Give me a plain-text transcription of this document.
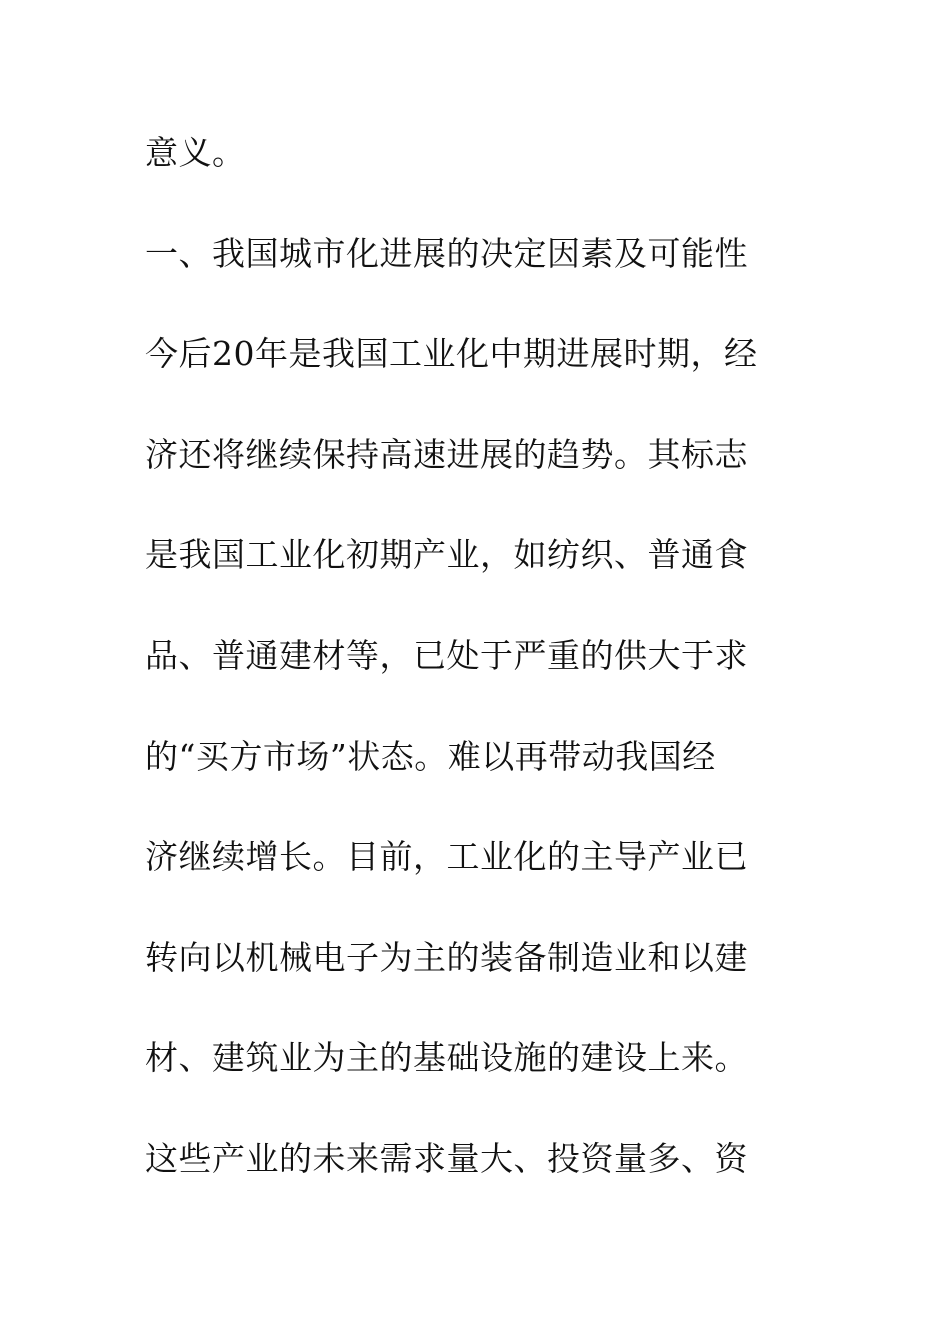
意义。
一、我国城市化进展的决定因素及可能性
今后20年是我国工业化中期进展时期，经
济还将继续保持高速进展的趋势。其标志
是我国工业化初期产业，如纺织、普通食
品、普通建材等，已处于严重的供大于求
的“买方市场”状态。难以再带动我国经
济继续增长。目前，工业化的主导产业已
转向以机械电子为主的装备制造业和以建
材、建筑业为主的基础设施的建设上来。
这些产业的未来需求量大、投资量多、资
